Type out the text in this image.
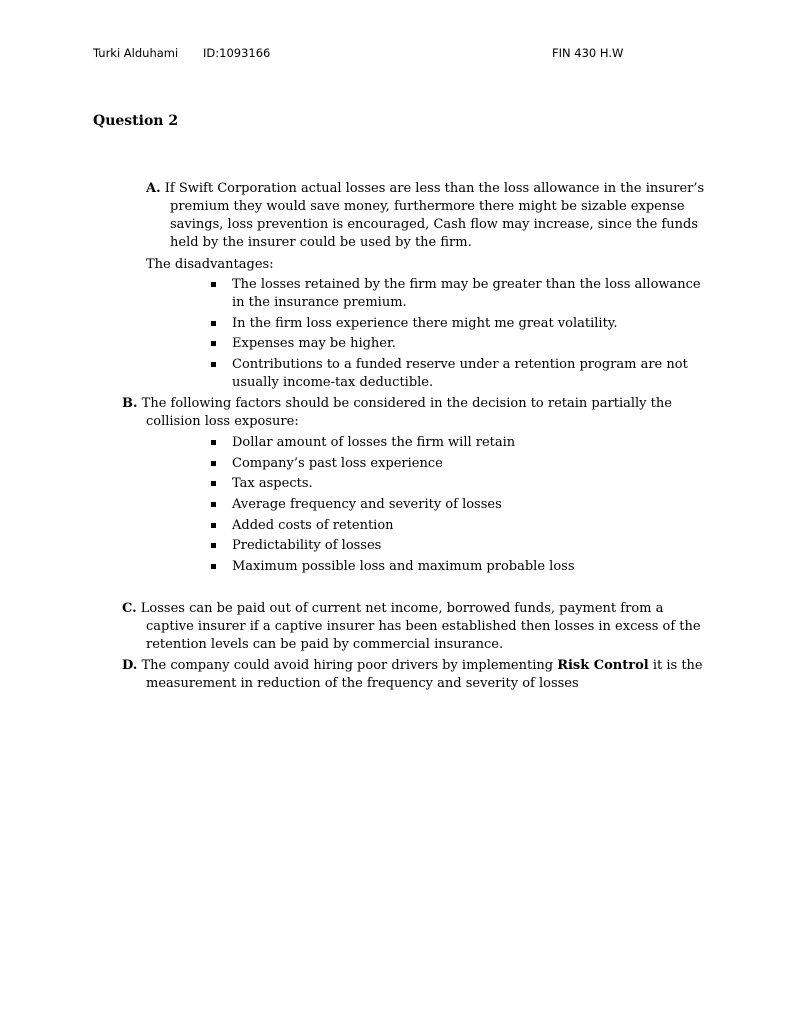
Turki Alduhami ID:1093166	FIN 430 H.W
Question 2

A. If Swift Corporation actual losses are less than the loss allowance in the insurer’s premium they would save money, furthermore there might be sizable expense savings, loss prevention is encouraged, Cash flow may increase, since the funds held by the insurer could be used by the firm.

The disadvantages:

The losses retained by the firm may be greater than the loss allowance in the insurance premium.
In the firm loss experience there might me great volatility.
Expenses may be higher.
Contributions to a funded reserve under a retention program are not usually income-tax deductible.

B. The following factors should be considered in the decision to retain partially the collision loss exposure:

Dollar amount of losses the firm will retain
Company’s past loss experience
Tax aspects.
Average frequency and severity of losses
Added costs of retention
Predictability of losses
Maximum possible loss and maximum probable loss

C. Losses can be paid out of current net income, borrowed funds, payment from a captive insurer if a captive insurer has been established then losses in excess of the retention levels can be paid by commercial insurance.

D. The company could avoid hiring poor drivers by implementing Risk Control it is the measurement in reduction of the frequency and severity of losses
